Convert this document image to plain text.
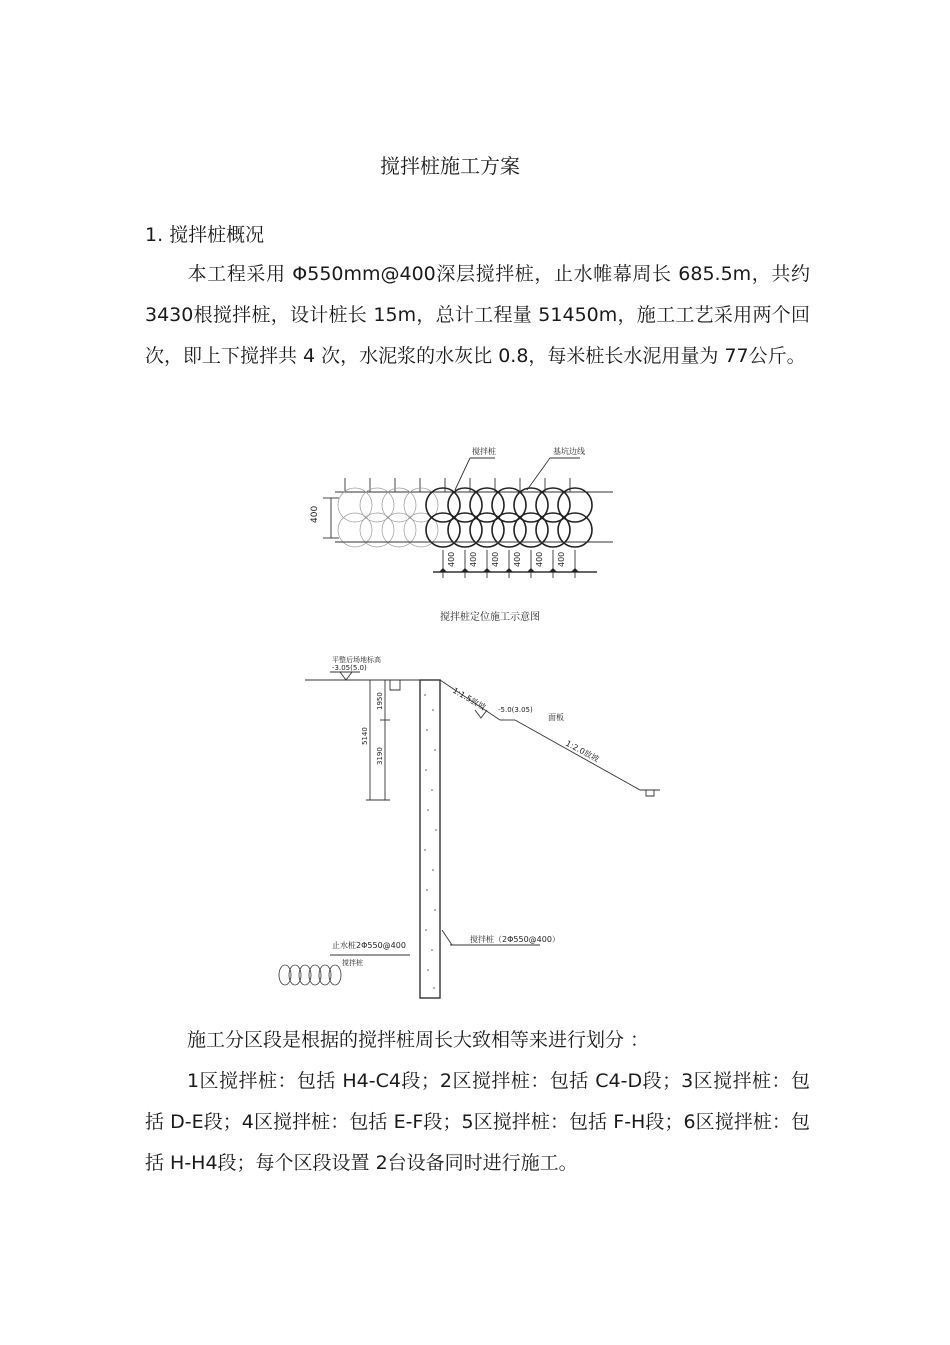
搅拌桩施工方案
1. 搅拌桩概况
本工程采用 Φ550mm@400深层搅拌桩，止水帷幕周长 685.5m，共约 3430根搅拌桩，设计桩长 15m，总计工程量 51450m，施工工艺采用两个回次，即上下搅拌共 4 次，水泥浆的水灰比 0.8，每米桩长水泥用量为 77公斤。
搅拌桩	基坑边线
400
400 400 400 400 400 400
搅拌桩定位施工示意图
平整后场地标高
-3.05(5.0)
1:1.5放坡 -5.0(3.05)
面板
1:2.0放坡
5140
1950
3190
止水桩2Φ550@400
搅拌桩
搅拌桩（2Φ550@400）
施工分区段是根据的搅拌桩周长大致相等来进行划分 ：
1区搅拌桩：包括 H4-C4段；2区搅拌桩：包括 C4-D段；3区搅拌桩：包括 D-E段；4区搅拌桩：包括 E-F段；5区搅拌桩：包括 F-H段；6区搅拌桩：包括 H-H4段；每个区段设置 2台设备同时进行施工。
